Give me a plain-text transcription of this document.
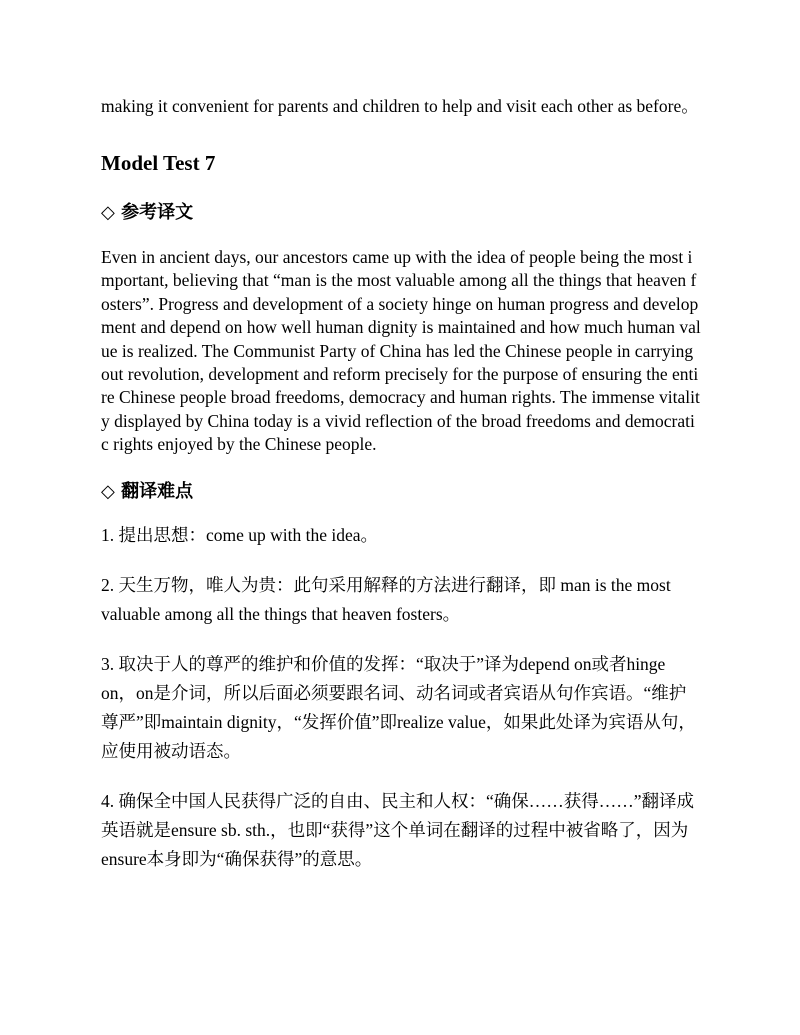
making it convenient for parents and children to help and visit each other as before。

Model Test 7
◇ 参考译文

Even in ancient days, our ancestors came up with the idea of people being the most important, believing that “man is the most valuable among all the things that heaven fosters”. Progress and development of a society hinge on human progress and development and depend on how well human dignity is maintained and how much human value is realized. The Communist Party of China has led the Chinese people in carrying out revolution, development and reform precisely for the purpose of ensuring the entire Chinese people broad freedoms, democracy and human rights. The immense vitality displayed by China today is a vivid reflection of the broad freedoms and democratic rights enjoyed by the Chinese people.

◇ 翻译难点

1. 提出思想：come up with the idea。

2. 天生万物，唯人为贵：此句采用解释的方法进行翻译，即 man is the most valuable among all the things that heaven fosters。

3. 取决于人的尊严的维护和价值的发挥：“取决于”译为depend on或者hinge on，on是介词，所以后面必须要跟名词、动名词或者宾语从句作宾语。“维护尊严”即maintain dignity，“发挥价值”即realize value，如果此处译为宾语从句，应使用被动语态。

4. 确保全中国人民获得广泛的自由、民主和人权：“确保……获得……”翻译成英语就是ensure sb. sth.，也即“获得”这个单词在翻译的过程中被省略了，因为ensure本身即为“确保获得”的意思。
